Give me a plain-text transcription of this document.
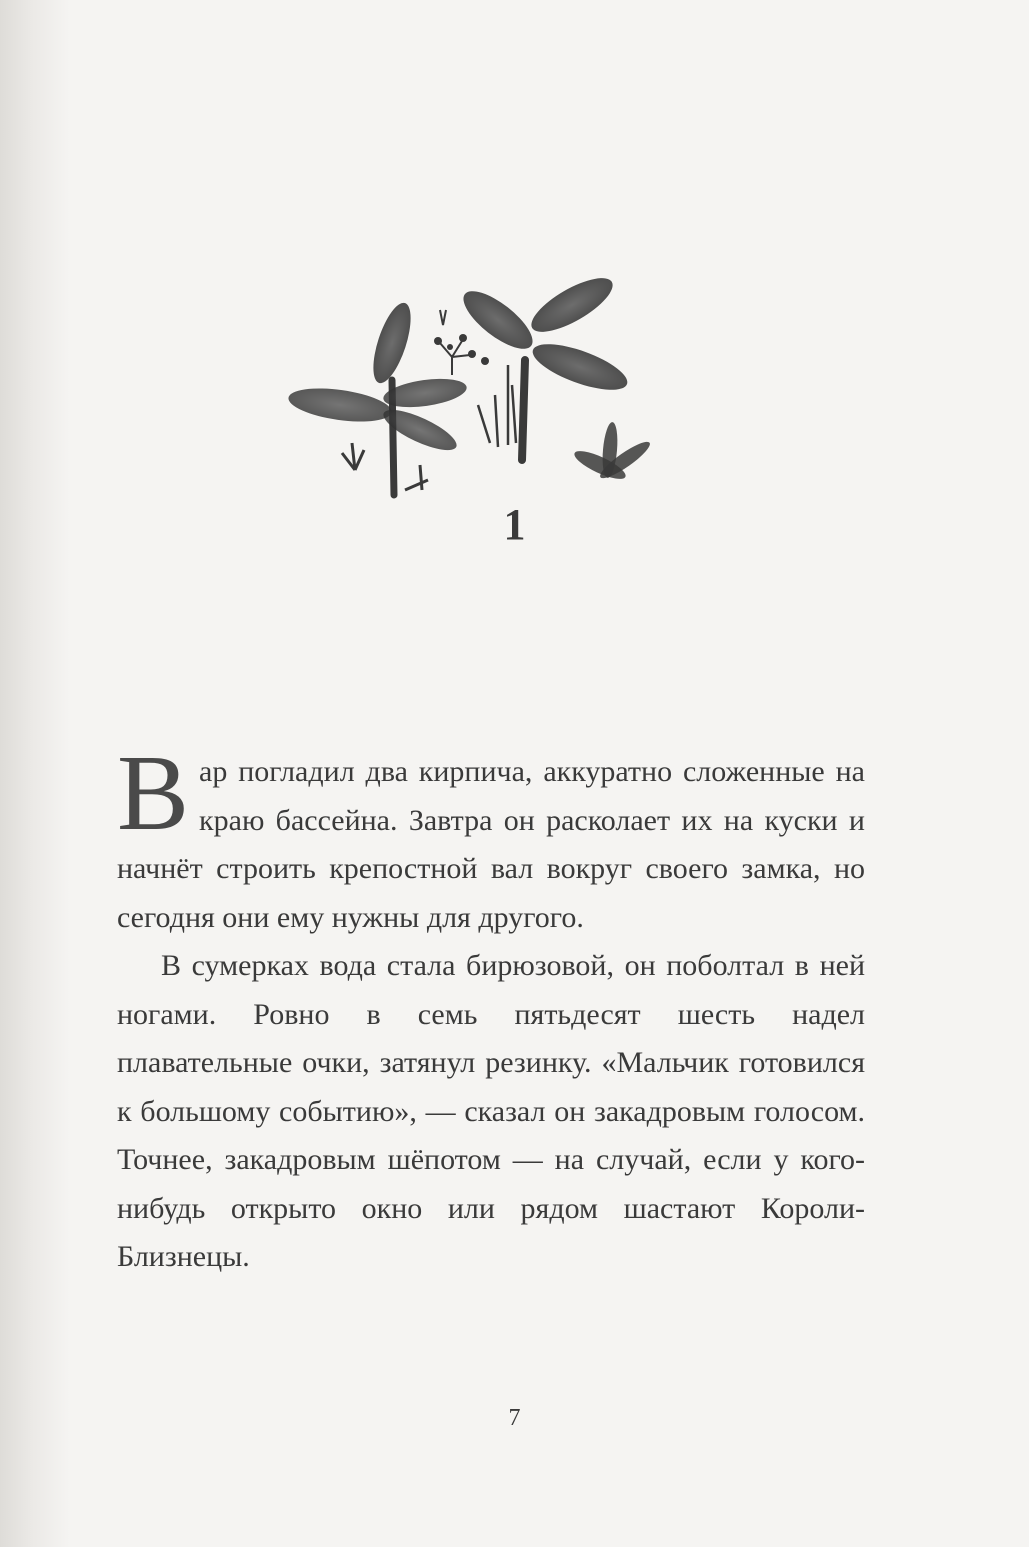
1

Вар погладил два кирпича, аккуратно сложенные на краю бассейна. Завтра он расколает их на куски и начнёт строить крепостной вал вокруг своего замка, но сегодня они ему нужны для другого.

В сумерках вода стала бирюзовой, он поболтал в ней ногами. Ровно в семь пятьдесят шесть надел плавательные очки, затянул резинку. «Мальчик готовился к большому событию», — сказал он закадровым голосом. Точнее, закадровым шёпотом — на случай, если у кого-нибудь открыто окно или рядом шастают Короли-Близнецы.

7
